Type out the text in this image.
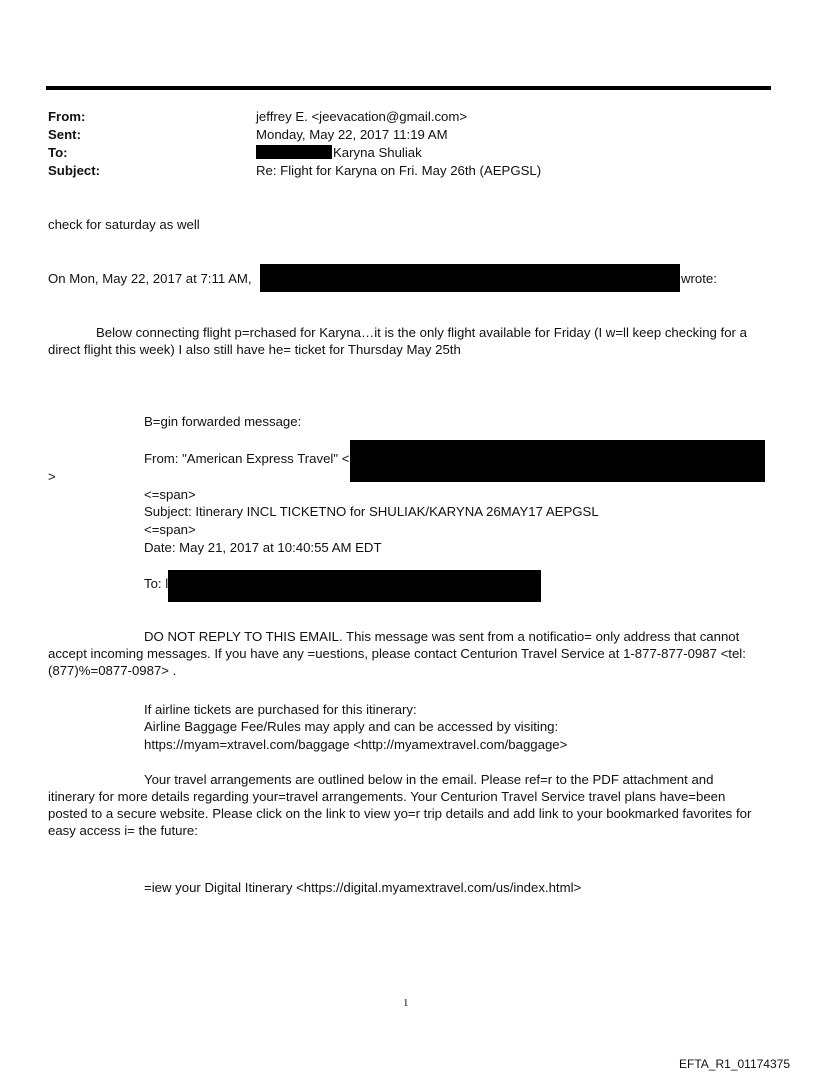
From:	jeffrey E. <jeevacation@gmail.com>
Sent:	Monday, May 22, 2017 11:19 AM
To:	Karyna Shuliak
Subject:	Re: Flight for Karyna on Fri. May 26th (AEPGSL)
check for saturday as well
On Mon, May 22, 2017 at 7:11 AM,	wrote:
Below connecting flight p=rchased for Karyna…it is the only flight available for Friday (I w=ll keep checking for a direct flight this week) I also still have he= ticket for Thursday May 25th
B=gin forwarded message:
From: "American Express Travel" <
>
<=span>
Subject: Itinerary INCL TICKETNO for SHULIAK/KARYNA 26MAY17 AEPGSL
<=span>
Date: May 21, 2017 at 10:40:55 AM EDT
To: l
DO NOT REPLY TO THIS EMAIL. This message was sent from a notificatio= only address that cannot accept incoming messages. If you have any =uestions, please contact Centurion Travel Service at 1-877-877-0987 <tel:(877)%=0877-0987> .
If airline tickets are purchased for this itinerary:
Airline Baggage Fee/Rules may apply and can be accessed by visiting:
https://myam=xtravel.com/baggage <http://myamextravel.com/baggage>
Your travel arrangements are outlined below in the email. Please ref=r to the PDF attachment and itinerary for more details regarding your=travel arrangements. Your Centurion Travel Service travel plans have=been posted to a secure website. Please click on the link to view yo=r trip details and add link to your bookmarked favorites for easy access i= the future:
=iew your Digital Itinerary <https://digital.myamextravel.com/us/index.html>
1
EFTA_R1_01174375
